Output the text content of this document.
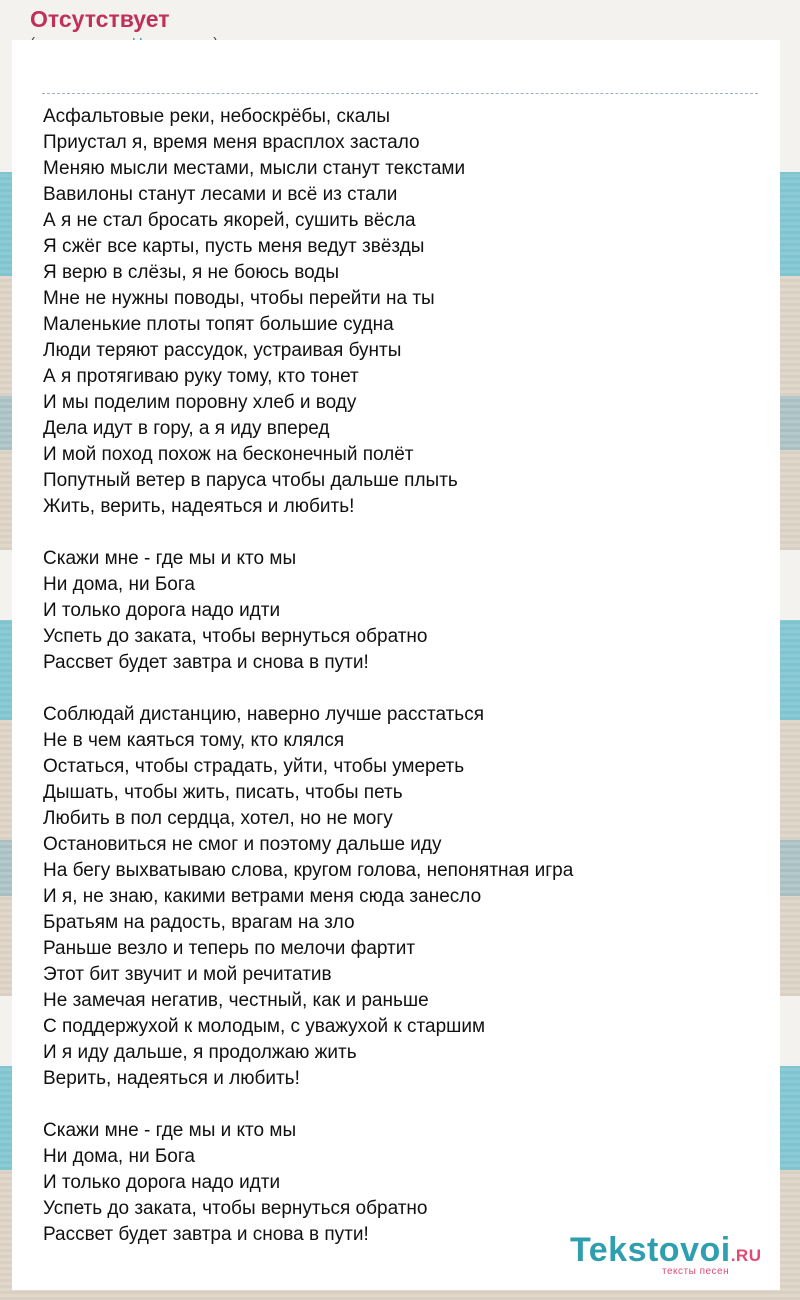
Отсутствует
Асфальтовые реки, небоскрёбы, скалы
Приустал я, время меня врасплох застало
Меняю мысли местами, мысли станут текстами
Вавилоны станут лесами и всё из стали
А я не стал бросать якорей, сушить вёсла
Я сжёг все карты, пусть меня ведут звёзды
Я верю в слёзы, я не боюсь воды
Мне не нужны поводы, чтобы перейти на ты
Маленькие плоты топят большие судна
Люди теряют рассудок, устраивая бунты
А я протягиваю руку тому, кто тонет
И мы поделим поровну хлеб и воду
Дела идут в гору, а я иду вперед
И мой поход похож на бесконечный полёт
Попутный ветер в паруса чтобы дальше плыть
Жить, верить, надеяться и любить!
Скажи мне - где мы и кто мы
Ни дома, ни Бога
И только дорога надо идти
Успеть до заката, чтобы вернуться обратно
Рассвет будет завтра и снова в пути!
Соблюдай дистанцию, наверно лучше расстаться
Не в чем каяться тому, кто клялся
Остаться, чтобы страдать, уйти, чтобы умереть
Дышать, чтобы жить, писать, чтобы петь
Любить в пол сердца, хотел, но не могу
Остановиться не смог и поэтому дальше иду
На бегу выхватываю слова, кругом голова, непонятная игра
И я, не знаю, какими ветрами меня сюда занесло
Братьям на радость, врагам на зло
Раньше везло и теперь по мелочи фартит
Этот бит звучит и мой речитатив
Не замечая негатив, честный, как и раньше
С поддержухой к молодым, с уважухой к старшим
И я иду дальше, я продолжаю жить
Верить, надеяться и любить!
Скажи мне - где мы и кто мы
Ни дома, ни Бога
И только дорога надо идти
Успеть до заката, чтобы вернуться обратно
Рассвет будет завтра и снова в пути!	Tekstovoi.RU
тексты песен
